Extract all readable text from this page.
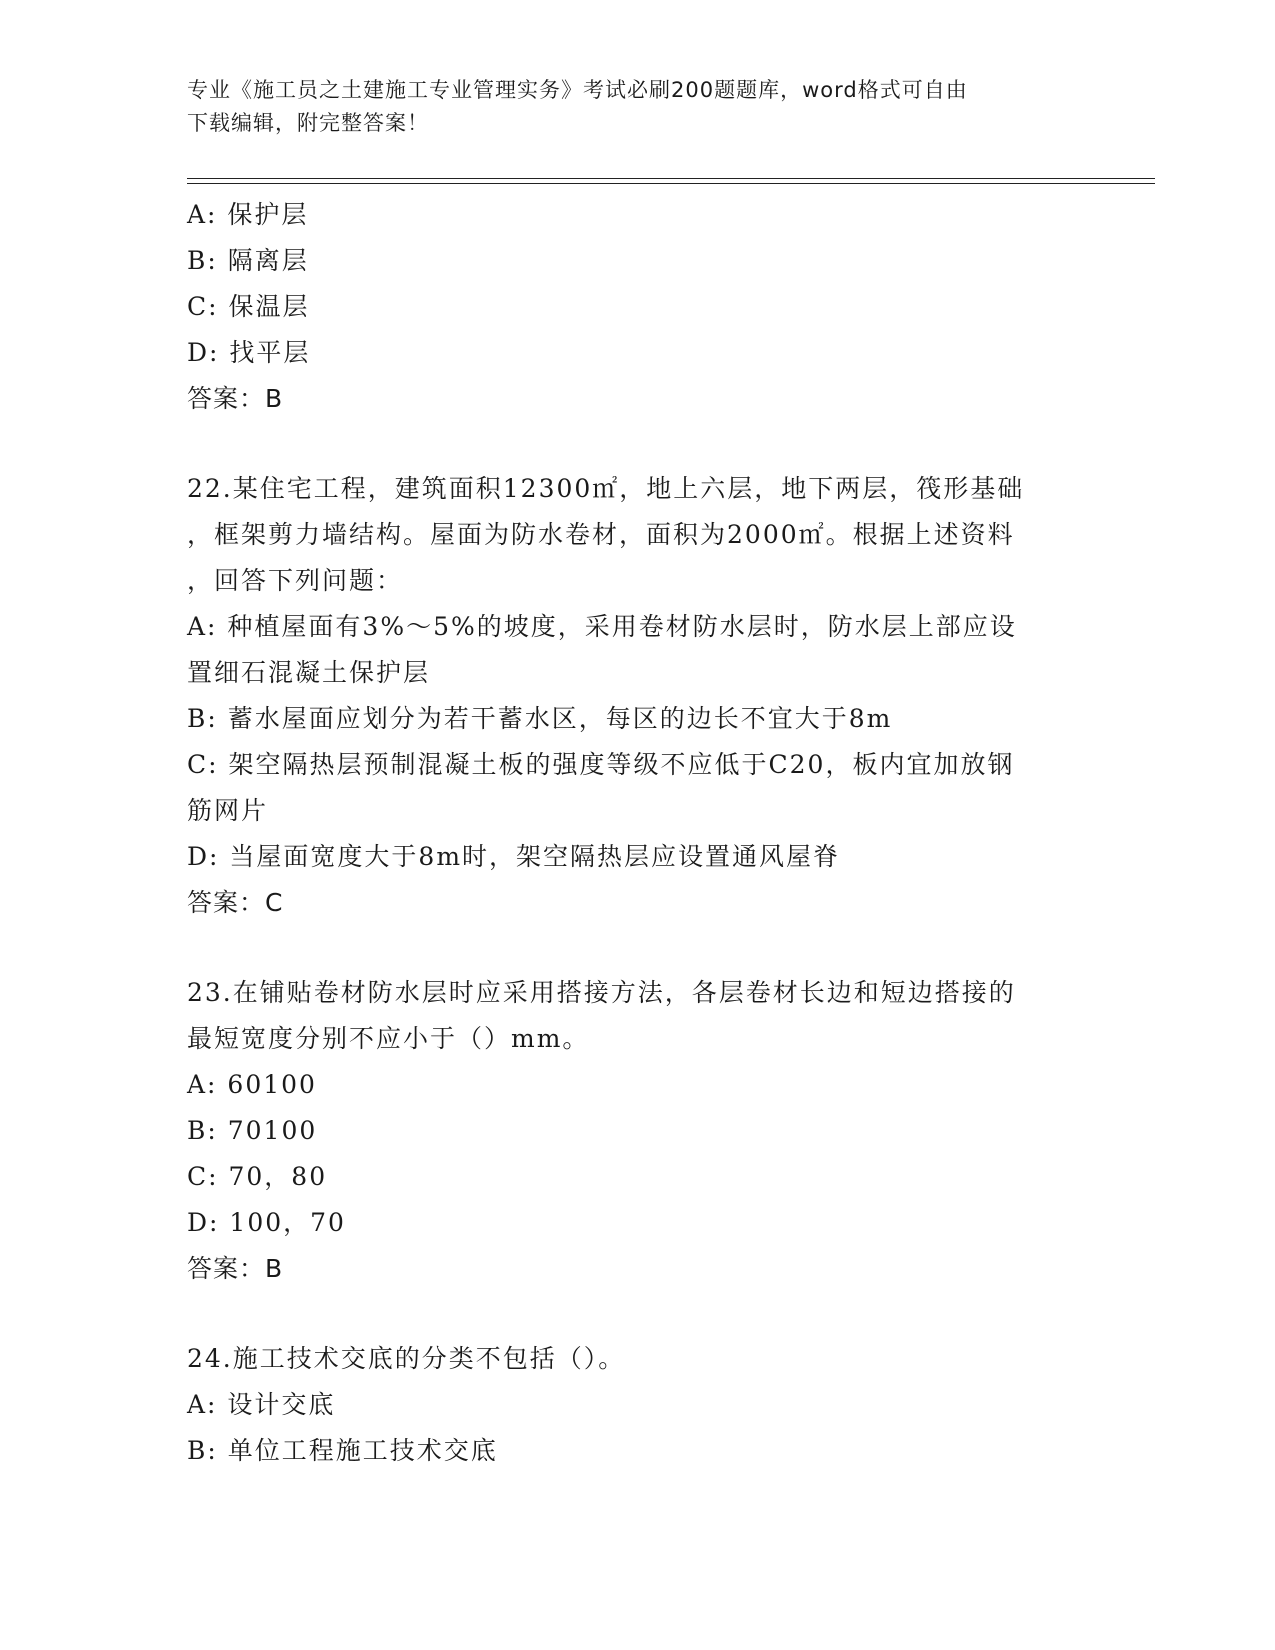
专业《施工员之土建施工专业管理实务》考试必刷200题题库，word格式可自由
下载编辑，附完整答案！
A: 保护层
B: 隔离层
C: 保温层
D: 找平层
答案：B
22.某住宅工程，建筑面积12300㎡，地上六层，地下两层，筏形基础
，框架剪力墙结构。屋面为防水卷材，面积为2000㎡。根据上述资料
，回答下列问题：
A: 种植屋面有3%～5%的坡度，采用卷材防水层时，防水层上部应设
置细石混凝土保护层
B: 蓄水屋面应划分为若干蓄水区，每区的边长不宜大于8m
C: 架空隔热层预制混凝土板的强度等级不应低于C20，板内宜加放钢
筋网片
D: 当屋面宽度大于8m时，架空隔热层应设置通风屋脊
答案：C
23.在铺贴卷材防水层时应采用搭接方法，各层卷材长边和短边搭接的
最短宽度分别不应小于（）mm。
A: 60100
B: 70100
C: 70，80
D: 100，70
答案：B
24.施工技术交底的分类不包括（）。
A: 设计交底
B: 单位工程施工技术交底
